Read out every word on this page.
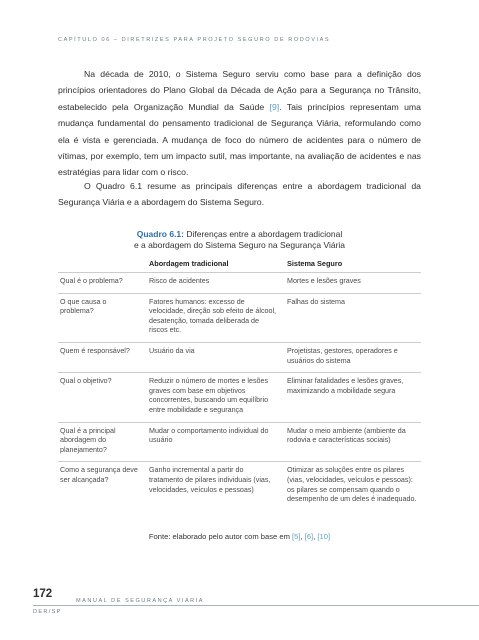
CAPÍTULO 06 – DIRETRIZES PARA PROJETO SEGURO DE RODOVIAS

Na década de 2010, o Sistema Seguro serviu como base para a definição dos princípios orientadores do Plano Global da Década de Ação para a Segurança no Trânsito, estabelecido pela Organização Mundial da Saúde [9]. Tais princípios representam uma mudança fundamental do pensamento tradicional de Segurança Viária, reformulando como ela é vista e gerenciada. A mudança de foco do número de acidentes para o número de vítimas, por exemplo, tem um impacto sutil, mas importante, na avaliação de acidentes e nas estratégias para lidar com o risco.

O Quadro 6.1 resume as principais diferenças entre a abordagem tradicional da Segurança Viária e a abordagem do Sistema Seguro.

Quadro 6.1: Diferenças entre a abordagem tradicional
e a abordagem do Sistema Seguro na Segurança Viária
	Abordagem tradicional	Sistema Seguro
Qual é o problema?	Risco de acidentes	Mortes e lesões graves
O que causa o problema?	Fatores humanos: excesso de velocidade, direção sob efeito de álcool, desatenção, tomada deliberada de riscos etc.	Falhas do sistema
Quem é responsável?	Usuário da via	Projetistas, gestores, operadores e usuários do sistema
Qual o objetivo?	Reduzir o número de mortes e lesões graves com base em objetivos concorrentes, buscando um equilíbrio entre mobilidade e segurança	Eliminar fatalidades e lesões graves, maximizando a mobilidade segura
Qual é a principal abordagem do planejamento?	Mudar o comportamento individual do usuário	Mudar o meio ambiente (ambiente da rodovia e características sociais)
Como a segurança deve ser alcançada?	Ganho incremental a partir do tratamento de pilares individuais (vias, velocidades, veículos e pessoas)	Otimizar as soluções entre os pilares (vias, velocidades, veículos e pessoas): os pilares se compensam quando o desempenho de um deles é inadequado.
Fonte: elaborado pelo autor com base em [5], [6], [10]
172
MANUAL DE SEGURANÇA VIÁRIA
DER/SP
